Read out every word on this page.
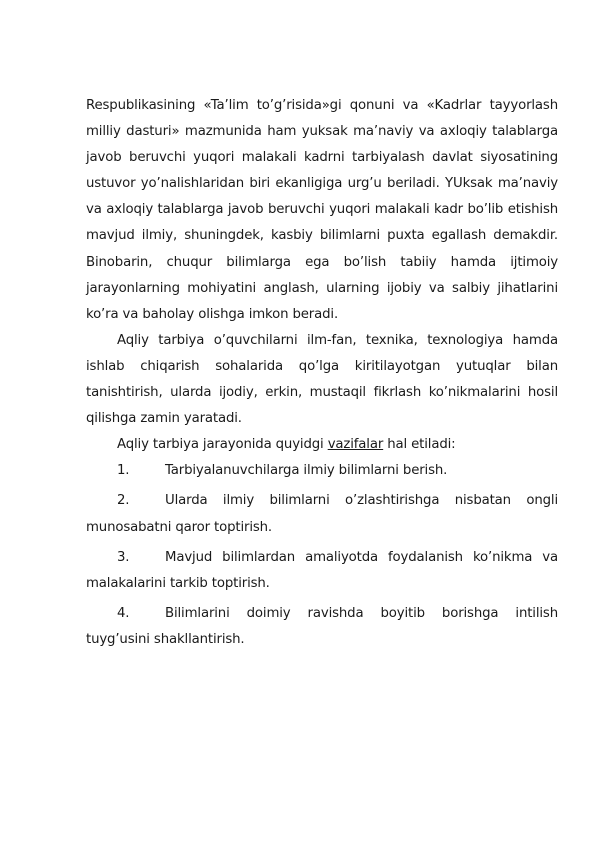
Respublikasining «Ta’lim to’g’risida»gi qonuni va «Kadrlar tayyorlash milliy dasturi» mazmunida ham yuksak ma’naviy va axloqiy talablarga javob beruvchi yuqori malakali kadrni tarbiyalash davlat siyosatining ustuvor yo’nalishlaridan biri ekanligiga urg’u beriladi. YUksak ma’naviy va axloqiy talablarga javob beruvchi yuqori malakali kadr bo’lib etishish mavjud ilmiy, shuningdek, kasbiy bilimlarni puxta egallash demakdir. Binobarin, chuqur bilimlarga ega bo’lish tabiiy hamda ijtimoiy jarayonlarning mohiyatini anglash, ularning ijobiy va salbiy jihatlarini ko’ra va baholay olishga imkon beradi.

Aqliy tarbiya o’quvchilarni ilm-fan, texnika, texnologiya hamda ishlab chiqarish sohalarida qo’lga kiritilayotgan yutuqlar bilan tanishtirish, ularda ijodiy, erkin, mustaqil fikrlash ko’nikmalarini hosil qilishga zamin yaratadi.

Aqliy tarbiya jarayonida quyidgi vazifalar hal etiladi:

1.	Tarbiyalanuvchilarga ilmiy bilimlarni berish.

2.	Ularda ilmiy bilimlarni o’zlashtirishga nisbatan ongli munosabatni qaror toptirish.

3.	Mavjud bilimlardan amaliyotda foydalanish ko’nikma va malakalarini tarkib toptirish.

4.	Bilimlarini doimiy ravishda boyitib borishga intilish tuyg’usini shakllantirish.
